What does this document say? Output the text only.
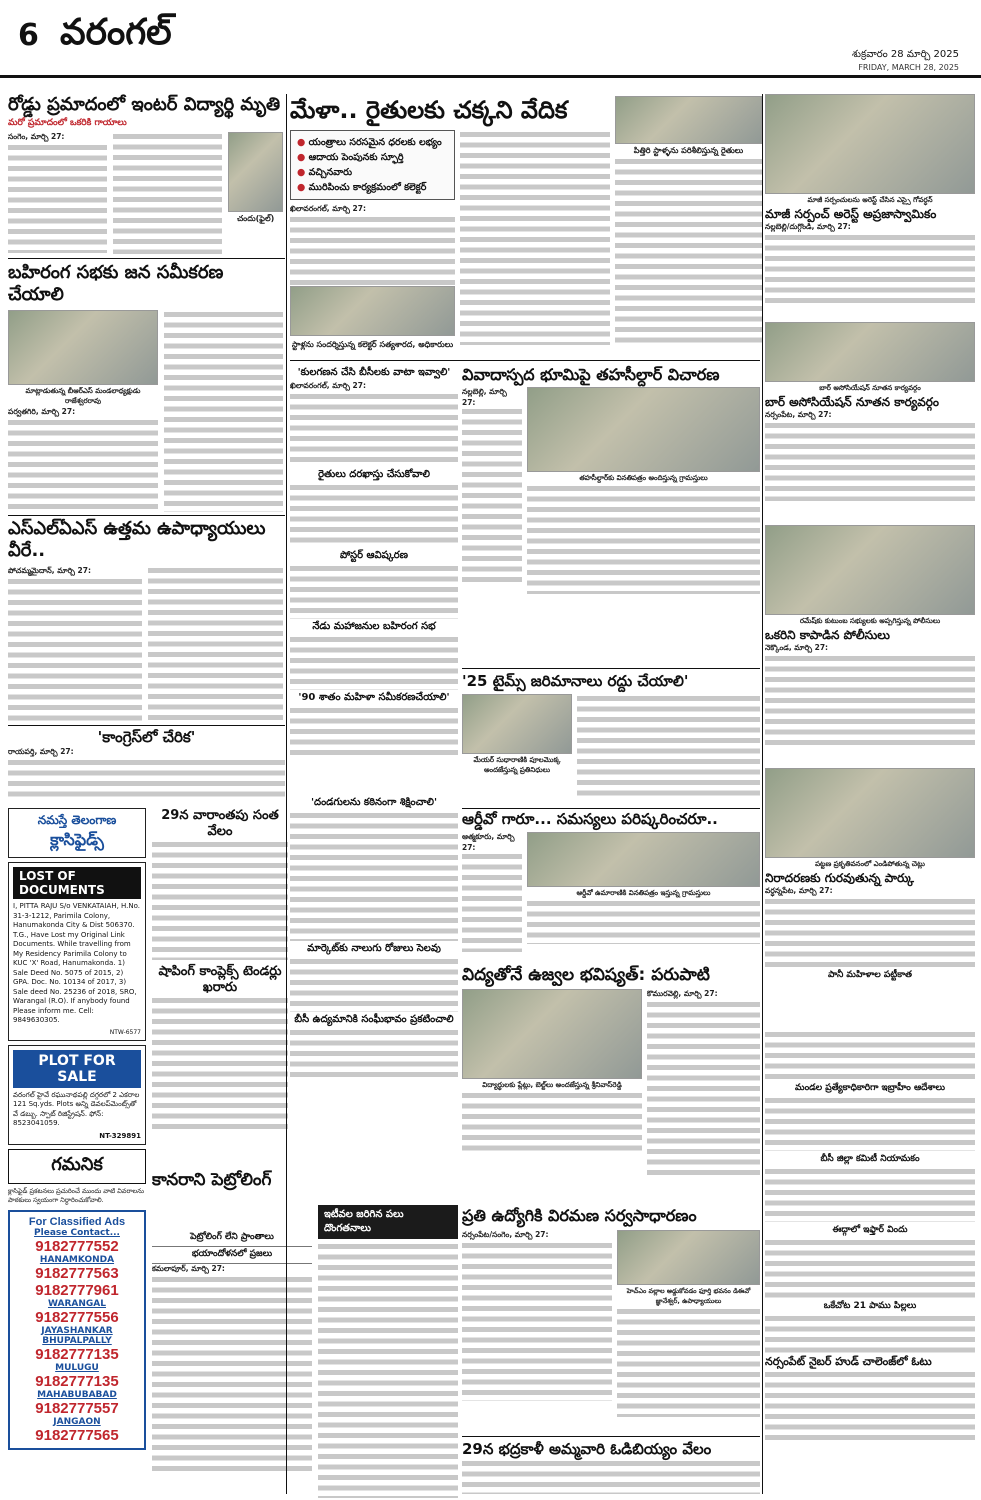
6 వరంగల్
శుక్రవారం 28 మార్చి 2025
FRIDAY, MARCH 28, 2025
రోడ్డు ప్రమాదంలో ఇంటర్ విద్యార్థి మృతి
మరో ప్రమాదంలో ఒకరికి గాయాలు
సంగెం, మార్చి 27:
చందు(ఫైల్)
బహిరంగ సభకు జన సమీకరణ చేయాలి
మాట్లాడుతున్న బీఆర్ఎస్ మండలాధ్యక్షుడు రాజేశ్వరరావు
పర్వతగిరి, మార్చి 27:
ఎస్ఎల్ఏఎస్ ఉత్తమ ఉపాధ్యాయులు వీరే..
పోచమ్మమైదాన్, మార్చి 27:
'కాంగ్రెస్‌లో చేరిక'
రాయపర్తి, మార్చి 27:
నమస్తే తెలంగాణ
క్లాసిఫైడ్స్
LOST OF DOCUMENTS
I, PITTA RAJU S/o VENKATAIAH, H.No. 31-3-1212, Parimila Colony, Hanumakonda City & Dist 506370. T.G., Have Lost my Original Link Documents. While travelling from My Residency Parimila Colony to KUC 'X' Road, Hanumakonda. 1) Sale Deed No. 5075 of 2015, 2) GPA. Doc. No. 10134 of 2017, 3) Sale deed No. 25236 of 2018, SRO, Warangal (R.O). If anybody found Please inform me. Cell: 9849630305.
NTW-6577
PLOT FOR SALE
వరంగల్ హైవే రఘునాథపల్లి దగ్గరలో 2 ఎకరాల 121 Sq.yds. Plots అన్ని డెవలప్‌మెంట్స్‌తో వే డబ్బు. స్పాట్ రిజిస్ట్రేషన్. ఫోన్: 8523041059.
NT-329891
గమనిక
క్లాసిఫైడ్ ప్రకటనలు ప్రచురించే ముందు వాటి వివరాలను పాఠకులు స్వయంగా నిర్ధారించుకోవాలి.
For Classified Ads
Please Contact...
9182777552
HANAMKONDA
9182777563
9182777961
WARANGAL
9182777556
JAYASHANKAR BHUPALPALLY
9182777135
MULUGU
9182777135
MAHABUBABAD
9182777557
JANGAON
9182777565
29న వారాంతపు సంత వేలం
షాపింగ్ కాంప్లెక్స్ టెండర్లు ఖరారు
కానరాని పెట్రోలింగ్
మేళా.. రైతులకు చక్కని వేదిక
● యంత్రాలు సరసమైన ధరలకు లభ్యం
● ఆదాయ పెంపునకు స్ఫూర్తి
● వచ్చినవారు
● మురిపించు కార్యక్రమంలో కలెక్టర్
ఖిలావరంగల్, మార్చి 27:
స్టాళ్లను సందర్శిస్తున్న కలెక్టర్ సత్యశారద, అధికారులు
పిత్తిరి స్టాళ్ళను పరిశీలిస్తున్న రైతులు
'కులగణన చేసి బీసీలకు వాటా ఇవ్వాలి'
ఖిలావరంగల్, మార్చి 27:
రైతులు దరఖాస్తు చేసుకోవాలి
పోస్టర్ ఆవిష్కరణ
నేడు మహాజనుల బహిరంగ సభ
'90 శాతం మహిళా సమీకరణచేయాలి'
'దండగులను కఠినంగా శిక్షించాలి'
మార్కెట్‌కు నాలుగు రోజులు సెలవు
బీసీ ఉద్యమానికి సంఘీభావం ప్రకటించాలి
వివాదాస్పద భూమిపై తహసీల్దార్ విచారణ
నల్లబెల్లి, మార్చి 27:
తహసీల్దార్‌కు వినతిపత్రం అందిస్తున్న గ్రామస్తులు
'25 టైమ్స్ జరిమానాలు రద్దు చేయాలి'
మేయర్ సుధారాణికి పూలమొక్క అందజేస్తున్న ప్రతినిధులు
ఆర్డీవో గారూ... సమస్యలు పరిష్కరించరూ..
ఆత్మకూరు, మార్చి 27:
ఆర్డీవో ఉమారాణికి వినతిపత్రం ఇస్తున్న గ్రామస్తులు
విద్యతోనే ఉజ్వల భవిష్యత్: పరుపాటి
విద్యార్థులకు ప్లేట్లు, బెల్ట్‌లు అందజేస్తున్న శ్రీనివాస్‌రెడ్డి
కొమురవెల్లి, మార్చి 27:
పెట్రోలింగ్ లేని ప్రాంతాలు
భయాందోళనలో ప్రజలు
కమలాపూర్, మార్చి 27:
ఇటీవల జరిగిన పలు దొంగతనాలు
ప్రతి ఉద్యోగికి విరమణ సర్వసాధారణం
నర్సంపేట/సంగెం, మార్చి 27:
హెచ్ఎం వల్లాల అడ్డుకోవడం ఫూర్తి భవనం డిఈవో జ్ఞానేశ్వర్, ఉపాధ్యాయులు
29న భద్రకాళీ అమ్మవారి ఓడిబియ్యం వేలం
మాజీ సర్పంచులను అరెస్ట్ చేసిన ఎస్సై గోవర్ధన్
మాజీ సర్పంచ్ అరెస్ట్ అప్రజాస్వామికం
నల్లబెల్లి/దుగ్గొండి, మార్చి 27:
బార్ అసోసియేషన్ నూతన కార్యవర్గం
బార్ అసోసియేషన్ నూతన కార్యవర్గం
నర్సంపేట, మార్చి 27:
రమేష్‌కు కుటుంబ సభ్యులకు అప్పగిస్తున్న పోలీసులు
ఒకరిని కాపాడిన పోలీసులు
నెక్కొండ, మార్చి 27:
పట్టణ ప్రకృతివనంలో ఎండిపోతున్న చెట్లు
నిరాదరణకు గురవుతున్న పార్కు
వర్ధన్నపేట, మార్చి 27:
పానీ మహిళాల పట్టీకాత
మండల ప్రత్యేకాధికారిగా ఇబ్రాహీం ఆదేశాలు
బీసీ జిల్లా కమిటీ నియామకం
ఈద్గాలో ఇఫ్తార్ విందు
ఒకేచోట 21 పాము పిల్లలు
నర్సంపేట్ నైబర్ హుడ్ చాలెంజ్‌లో ఓటు
